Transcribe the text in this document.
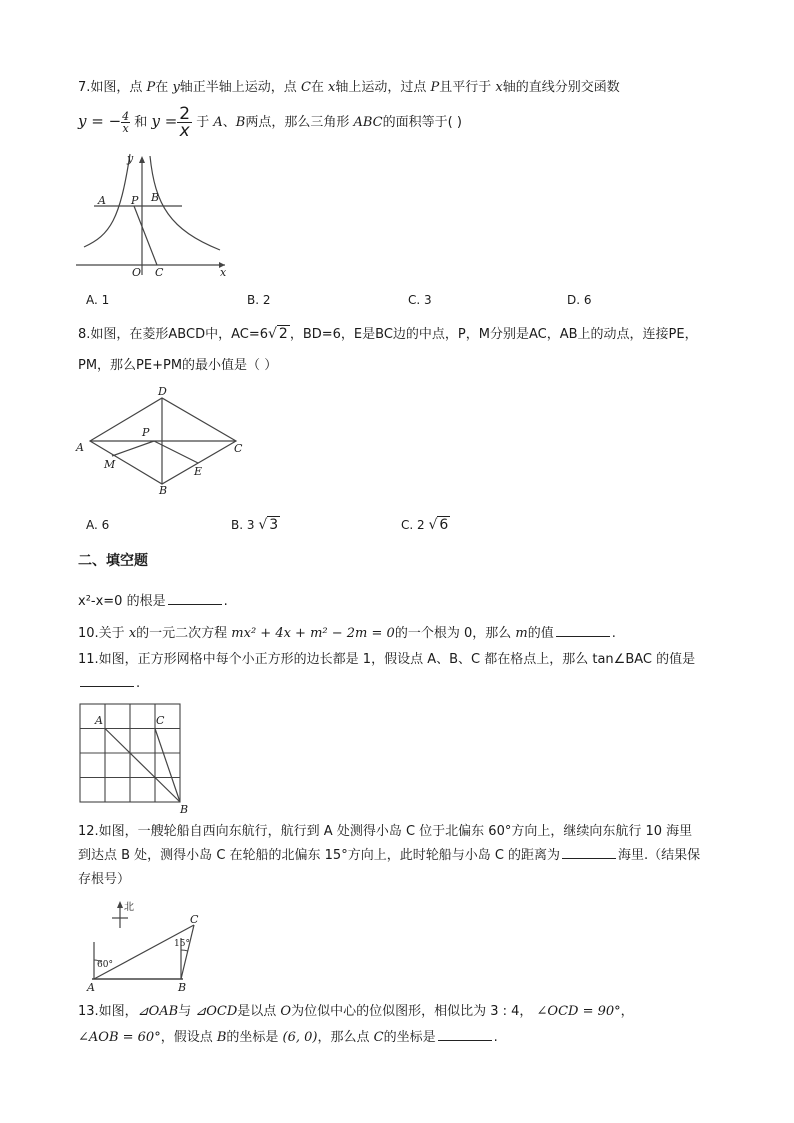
7.如图，点 P在 y轴正半轴上运动，点 C在 x轴上运动，过点 P且平行于 x轴的直线分别交函数
y = − $\frac{4}{x}$ 和 $y = \frac{2}{x}$ 于 A、B两点，那么三角形 ABC的面积等于( )
A P B
y
O C	x
A. 1	B. 2	C. 3	D. 6
8.如图，在菱形ABCD中，AC=6√ 2 ，BD=6，E是BC边的中点，P，M分别是AC，AB上的动点，连接PE，
PM，那么PE+PM的最小值是（ ）
D
A	C
P
M
E
B
A. 6	B. 3 √ 3	C. 2 √ 6
二、填空题
x²-x=0 的根是	.
10.关于 x的一元二次方程 mx² + 4x + m² − 2m = 0的一个根为 0，那么 m的值	.
11.如图，正方形网格中每个小正方形的边长都是 1，假设点 A、B、C 都在格点上，那么 tan∠BAC 的值是
.
A	C
B
12.如图，一艘轮船自西向东航行，航行到 A 处测得小岛 C 位于北偏东 60°方向上，继续向东航行 10 海里
到达点 B 处，测得小岛 C 在轮船的北偏东 15°方向上，此时轮船与小岛 C 的距离为	海里.（结果保
存根号）
北
C
15°
60°
A	B
13.如图，⊿OAB与 ⊿OCD是以点 O为位似中心的位似图形，相似比为 3 : 4， ∠OCD = 90°，
∠AOB = 60°，假设点 B的坐标是 (6, 0)，那么点 C的坐标是	.
